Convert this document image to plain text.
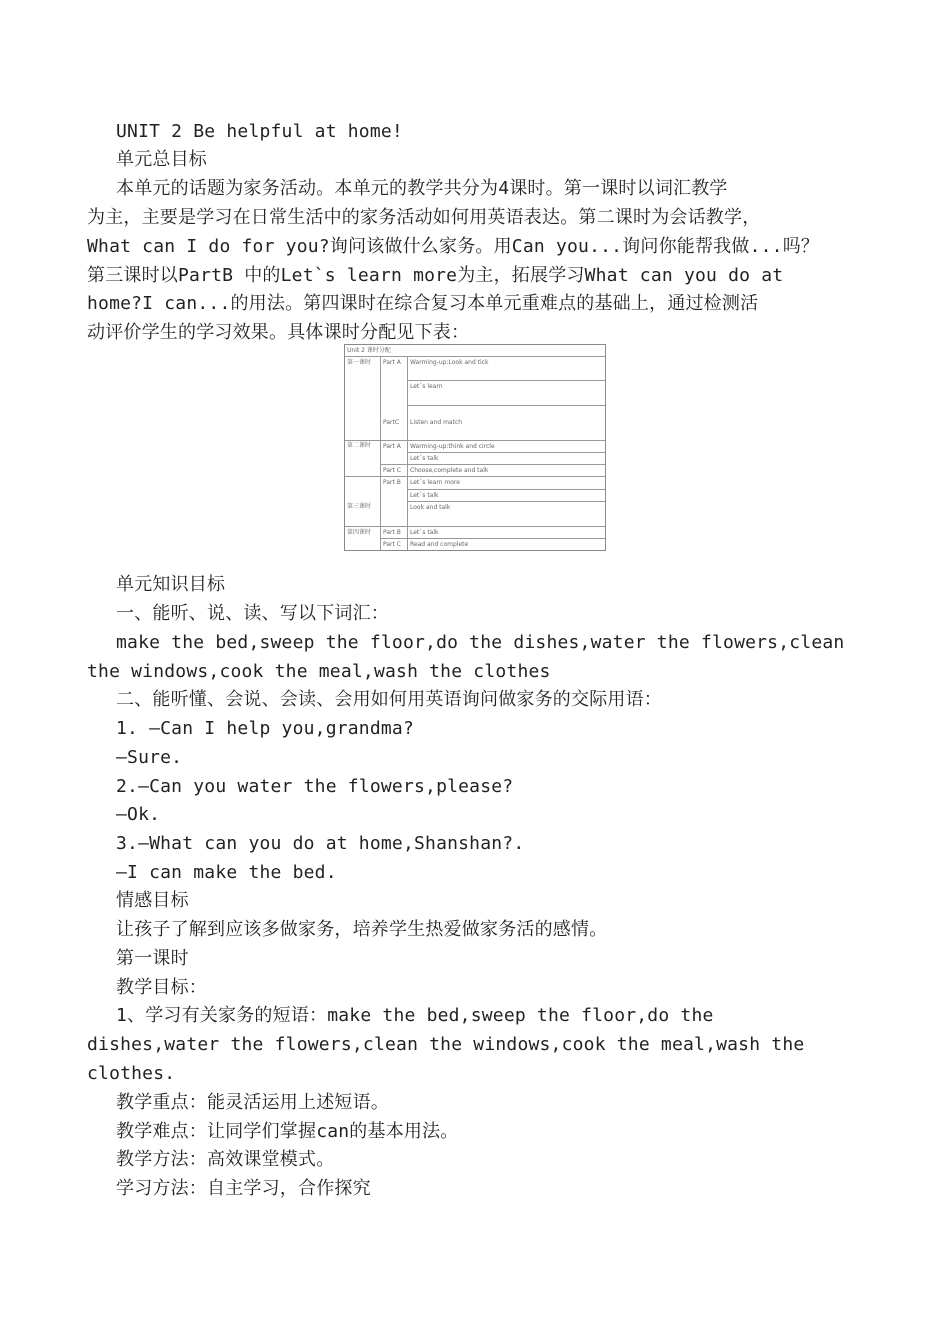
UNIT 2 Be helpful at home!
单元总目标
本单元的话题为家务活动。本单元的教学共分为4课时。第一课时以词汇教学
为主，主要是学习在日常生活中的家务活动如何用英语表达。第二课时为会话教学，
What can I do for you?询问该做什么家务。用Can you...询问你能帮我做...吗？
第三课时以PartB 中的Let`s learn more为主，拓展学习What can you do at
home?I can...的用法。第四课时在综合复习本单元重难点的基础上，通过检测活
动评价学生的学习效果。具体课时分配见下表：
Unit 2 课时分配
第一课时
第二课时
第三课时
第四课时
Part A
PartC
Part A
Part C
Part B
Part B
Part C
Warming-up:Look and tick
Let`s learn
Listen and match
Warming-up:think and circle
Let`s talk
Choose,complete and talk
Let`s learn more
Let`s talk
Look and talk
Let`s talk
Read and complete
单元知识目标
一、能听、说、读、写以下词汇：
make the bed,sweep the floor,do the dishes,water the flowers,clean
the windows,cook the meal,wash the clothes
二、能听懂、会说、会读、会用如何用英语询问做家务的交际用语：
1. —Can I help you,grandma?
—Sure.
2.—Can you water the flowers,please?
—Ok.
3.—What can you do at home,Shanshan?.
—I can make the bed.
情感目标
让孩子了解到应该多做家务，培养学生热爱做家务活的感情。
第一课时
教学目标：
1、学习有关家务的短语：make the bed,sweep the floor,do the
dishes,water the flowers,clean the windows,cook the meal,wash the
clothes.
教学重点：能灵活运用上述短语。
教学难点：让同学们掌握can的基本用法。
教学方法：高效课堂模式。
学习方法：自主学习，合作探究
